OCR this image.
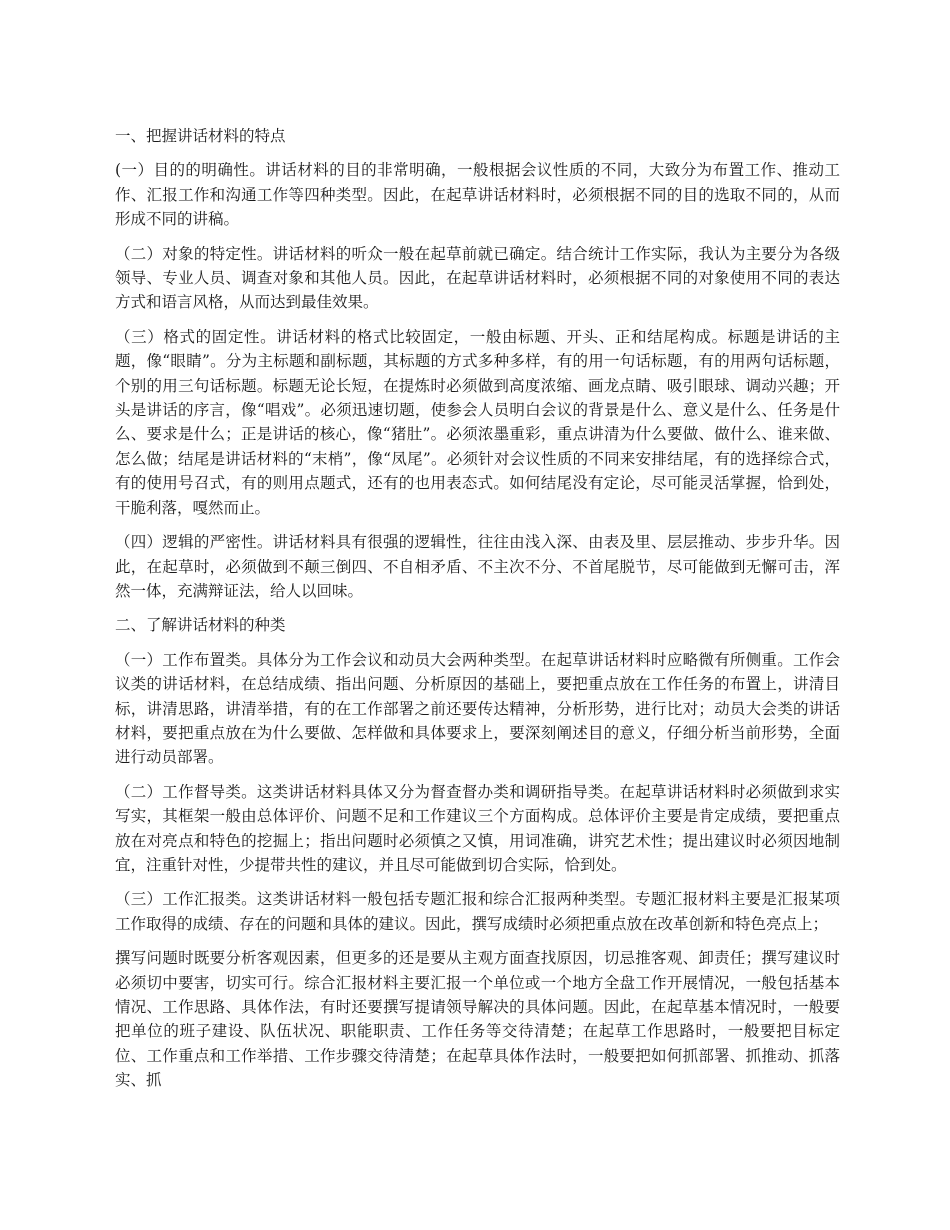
一、把握讲话材料的特点

(一）目的的明确性。讲话材料的目的非常明确，一般根据会议性质的不同，大致分为布置工作、推动工作、汇报工作和沟通工作等四种类型。因此，在起草讲话材料时，必须根据不同的目的选取不同的，从而形成不同的讲稿。

（二）对象的特定性。讲话材料的听众一般在起草前就已确定。结合统计工作实际，我认为主要分为各级领导、专业人员、调查对象和其他人员。因此，在起草讲话材料时，必须根据不同的对象使用不同的表达方式和语言风格，从而达到最佳效果。

（三）格式的固定性。讲话材料的格式比较固定，一般由标题、开头、正和结尾构成。标题是讲话的主题，像“眼睛”。分为主标题和副标题，其标题的方式多种多样，有的用一句话标题，有的用两句话标题，个别的用三句话标题。标题无论长短，在提炼时必须做到高度浓缩、画龙点睛、吸引眼球、调动兴趣；开头是讲话的序言，像“唱戏”。必须迅速切题，使参会人员明白会议的背景是什么、意义是什么、任务是什么、要求是什么；正是讲话的核心，像“猪肚”。必须浓墨重彩，重点讲清为什么要做、做什么、谁来做、怎么做；结尾是讲话材料的“末梢”，像“凤尾”。必须针对会议性质的不同来安排结尾，有的选择综合式，有的使用号召式，有的则用点题式，还有的也用表态式。如何结尾没有定论，尽可能灵活掌握，恰到处，干脆利落，嘎然而止。

（四）逻辑的严密性。讲话材料具有很强的逻辑性，往往由浅入深、由表及里、层层推动、步步升华。因此，在起草时，必须做到不颠三倒四、不自相矛盾、不主次不分、不首尾脱节，尽可能做到无懈可击，浑然一体，充满辩证法，给人以回味。

二、了解讲话材料的种类

（一）工作布置类。具体分为工作会议和动员大会两种类型。在起草讲话材料时应略微有所侧重。工作会议类的讲话材料，在总结成绩、指出问题、分析原因的基础上，要把重点放在工作任务的布置上，讲清目标，讲清思路，讲清举措，有的在工作部署之前还要传达精神，分析形势，进行比对；动员大会类的讲话材料，要把重点放在为什么要做、怎样做和具体要求上，要深刻阐述目的意义，仔细分析当前形势，全面进行动员部署。

（二）工作督导类。这类讲话材料具体又分为督查督办类和调研指导类。在起草讲话材料时必须做到求实写实，其框架一般由总体评价、问题不足和工作建议三个方面构成。总体评价主要是肯定成绩，要把重点放在对亮点和特色的挖掘上；指出问题时必须慎之又慎，用词准确，讲究艺术性；提出建议时必须因地制宜，注重针对性，少提带共性的建议，并且尽可能做到切合实际，恰到处。

（三）工作汇报类。这类讲话材料一般包括专题汇报和综合汇报两种类型。专题汇报材料主要是汇报某项工作取得的成绩、存在的问题和具体的建议。因此，撰写成绩时必须把重点放在改革创新和特色亮点上；

撰写问题时既要分析客观因素，但更多的还是要从主观方面查找原因，切忌推客观、卸责任；撰写建议时必须切中要害，切实可行。综合汇报材料主要汇报一个单位或一个地方全盘工作开展情况，一般包括基本情况、工作思路、具体作法，有时还要撰写提请领导解决的具体问题。因此，在起草基本情况时，一般要把单位的班子建设、队伍状况、职能职责、工作任务等交待清楚；在起草工作思路时，一般要把目标定位、工作重点和工作举措、工作步骤交待清楚；在起草具体作法时，一般要把如何抓部署、抓推动、抓落实、抓
